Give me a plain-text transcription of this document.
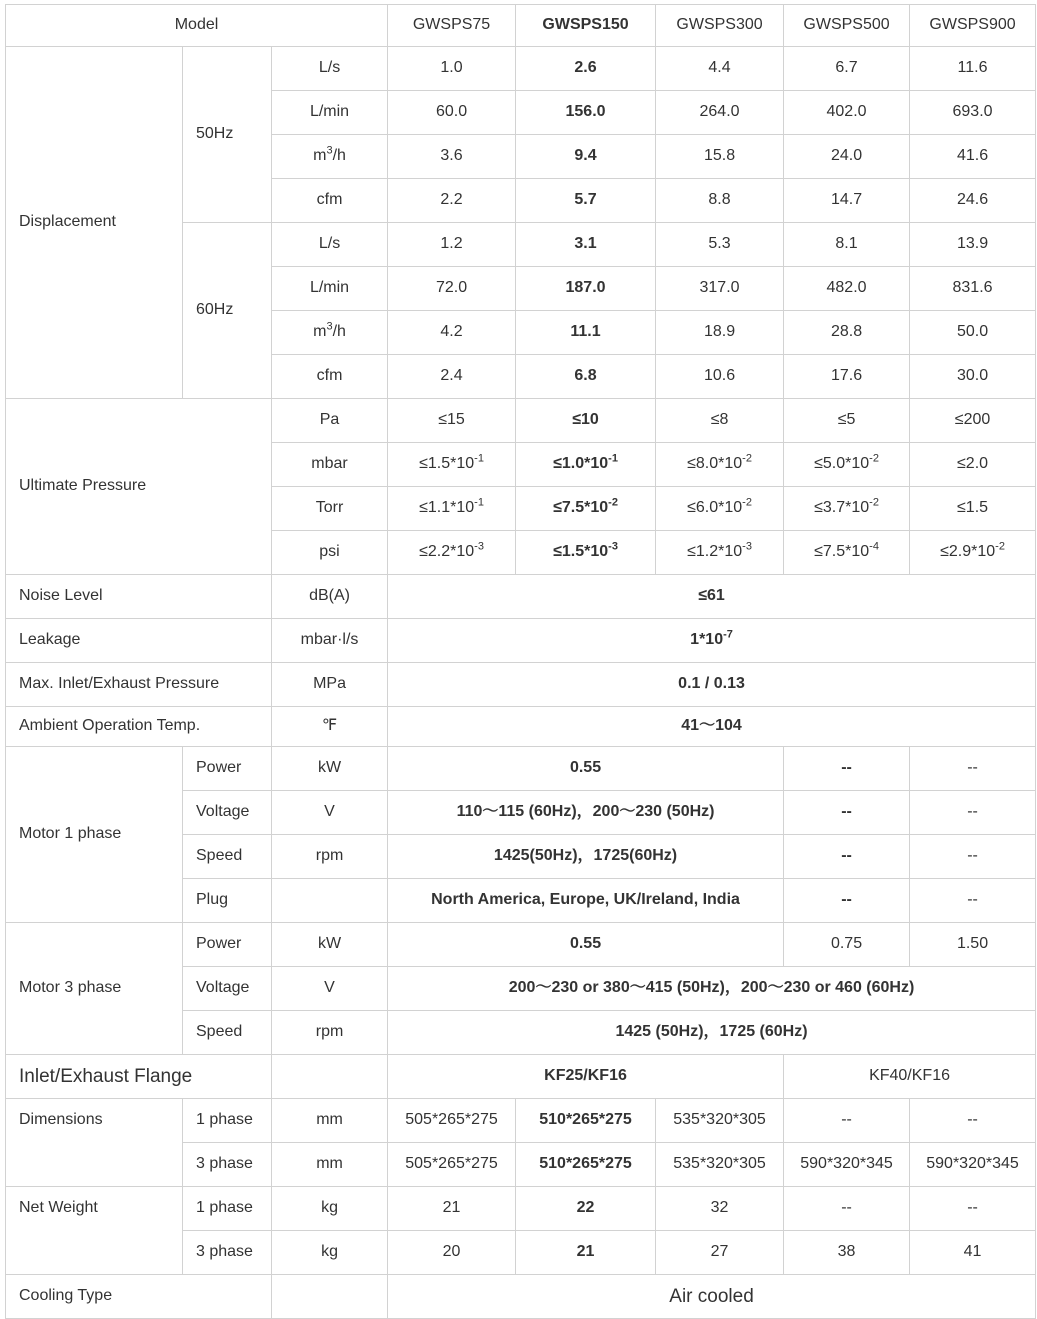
Model			GWSPS75	GWSPS150	GWSPS300	GWSPS500	GWSPS900
Displacement	50Hz	L/s	1.0	2.6	4.4	6.7	11.6
		L/min	60.0	156.0	264.0	402.0	693.0
		$m^3/h$	3.6	9.4	15.8	24.0	41.6
		cfm	2.2	5.7	8.8	14.7	24.6
	60Hz	L/s	1.2	3.1	5.3	8.1	13.9
		L/min	72.0	187.0	317.0	482.0	831.6
		$m^3/h$	4.2	11.1	18.9	28.8	50.0
		cfm	2.4	6.8	10.6	17.6	30.0
Ultimate Pressure		Pa	≤15	≤10	≤8	≤5	≤200
		mbar	$\le 1.5*10^{-1}$	$\le 1.0*10^{-1}$	$\le 8.0*10^{-2}$	$\le 5.0*10^{-2}$	≤2.0
		Torr	$\le 1.1*10^{-1}$	$\le 7.5*10^{-2}$	$\le 6.0*10^{-2}$	$\le 3.7*10^{-2}$	≤1.5
		psi	$\le 2.2*10^{-3}$	$\le 1.5*10^{-3}$	$\le 1.2*10^{-3}$	$\le 7.5*10^{-4}$	$\le 2.9*10^{-2}$
Noise Level		dB(A)	≤61				
Leakage		mbar·l/s	$1*10^{-7}$
Max. Inlet/Exhaust Pressure		MPa	0.1 / 0.13				
Ambient Operation Temp.		℉	41～104				
Motor 1 phase	Power	kW	0.55			--	--
	Voltage	V	110～115 (60Hz)，200～230 (50Hz)			--	--
	Speed	rpm	1425(50Hz)，1725(60Hz)			--	--
	Plug		North America, Europe, UK/Ireland, India			--	--
Motor 3 phase	Power	kW	0.55			0.75	1.50
	Voltage	V	200～230 or 380～415 (50Hz)，200～230 or 460 (60Hz)				
	Speed	rpm	1425 (50Hz)，1725 (60Hz)				
Inlet/Exhaust Flange			KF25/KF16			KF40/KF16	
Dimensions	1 phase	mm	505*265*275	510*265*275	535*320*305	--	--
	3 phase	mm	505*265*275	510*265*275	535*320*305	590*320*345	590*320*345
Net Weight	1 phase	kg	21	22	32	--	--
	3 phase	kg	20	21	27	38	41
Cooling Type			Air cooled				
